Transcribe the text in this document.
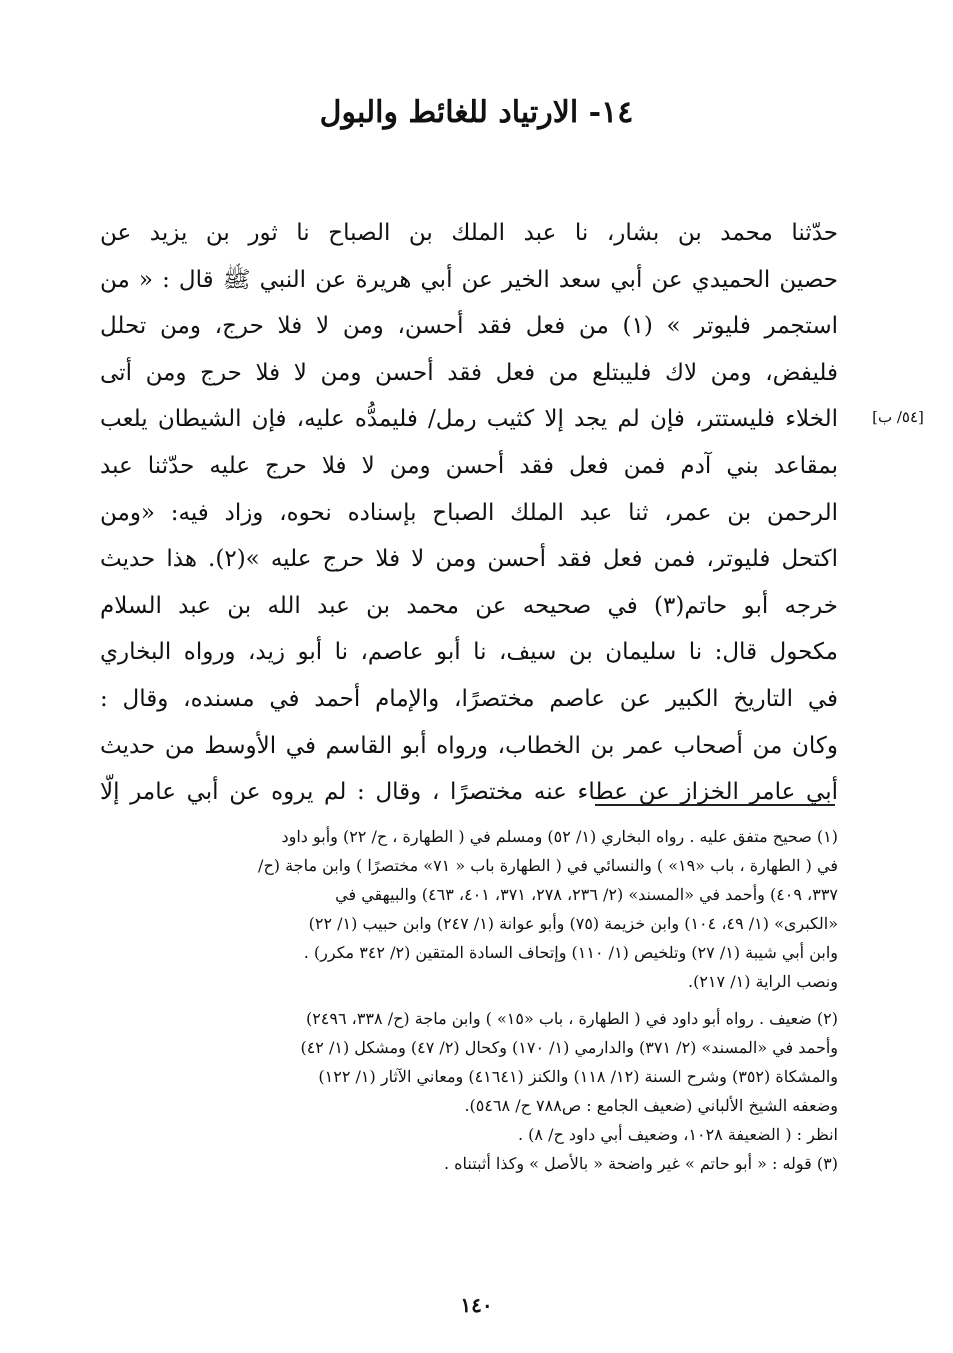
١٤- الارتياد للغائط والبول
[٥٤/ ب]
حدّثنا محمد بن بشار، نا عبد الملك بن الصباح نا ثور بن يزيد عن
حصين الحميدي عن أبي سعد الخير عن أبي هريرة عن النبي ﷺ قال : « من
استجمر فليوتر » (١) من فعل فقد أحسن، ومن لا فلا حرج، ومن تحلل
فليفض، ومن لاك فليبتلع من فعل فقد أحسن ومن لا فلا حرج ومن أتى
الخلاء فليستتر، فإن لم يجد إلا كثيب رمل/ فليمدُّه عليه، فإن الشيطان يلعب
بمقاعد بني آدم فمن فعل فقد أحسن ومن لا فلا حرج عليه حدّثنا عبد
الرحمن بن عمر، ثنا عبد الملك الصباح بإسناده نحوه، وزاد فيه: «ومن
اكتحل فليوتر، فمن فعل فقد أحسن ومن لا فلا حرج عليه »(٢). هذا حديث
خرجه أبو حاتم(٣) في صحيحه عن محمد بن عبد الله بن عبد السلام
مكحول قال: نا سليمان بن سيف، نا أبو عاصم، نا أبو زيد، ورواه البخاري
في التاريخ الكبير عن عاصم مختصرًا، والإمام أحمد في مسنده، وقال :
وكان من أصحاب عمر بن الخطاب، ورواه أبو القاسم في الأوسط من حديث
أبي عامر الخزاز عن عطاء عنه مختصرًا ، وقال : لم يروه عن أبي عامر إلّا
(١) صحيح متفق عليه . رواه البخاري (١/ ٥٢) ومسلم في ( الطهارة ، ح/ ٢٢) وأبو داود
في ( الطهارة ، باب «١٩» ) والنسائي في ( الطهارة باب « ٧١» مختصرًا ) وابن ماجة (ح/
٣٣٧، ٤٠٩) وأحمد في «المسند» (٢/ ٢٣٦، ٢٧٨، ٣٧١، ٤٠١، ٤٦٣) والبيهقي في
«الكبرى» (١/ ٤٩، ١٠٤) وابن خزيمة (٧٥) وأبو عوانة (١/ ٢٤٧) وابن حبيب (١/ ٢٢)
وابن أبي شيبة (١/ ٢٧) وتلخيص (١/ ١١٠) وإتحاف السادة المتقين (٢/ ٣٤٢ مكرر) .
ونصب الراية (١/ ٢١٧).
(٢) ضعيف . رواه أبو داود في ( الطهارة ، باب «١٥» ) وابن ماجة (ح/ ٣٣٨، ٢٤٩٦)
وأحمد في «المسند» (٢/ ٣٧١) والدارمي (١/ ١٧٠) وكحال (٢/ ٤٧) ومشكل (١/ ٤٢)
والمشكاة (٣٥٢) وشرح السنة (١٢/ ١١٨) والكنز (٤١٦٤١) ومعاني الآثار (١/ ١٢٢)
وضعفه الشيخ الألباني (ضعيف الجامع : ص٧٨٨ ح/ ٥٤٦٨).
انظر : ( الضعيفة ١٠٢٨، وضعيف أبي داود ح/ ٨) .
(٣) قوله : « أبو حاتم » غير واضحة « بالأصل » وكذا أثبتناه .
١٤٠
